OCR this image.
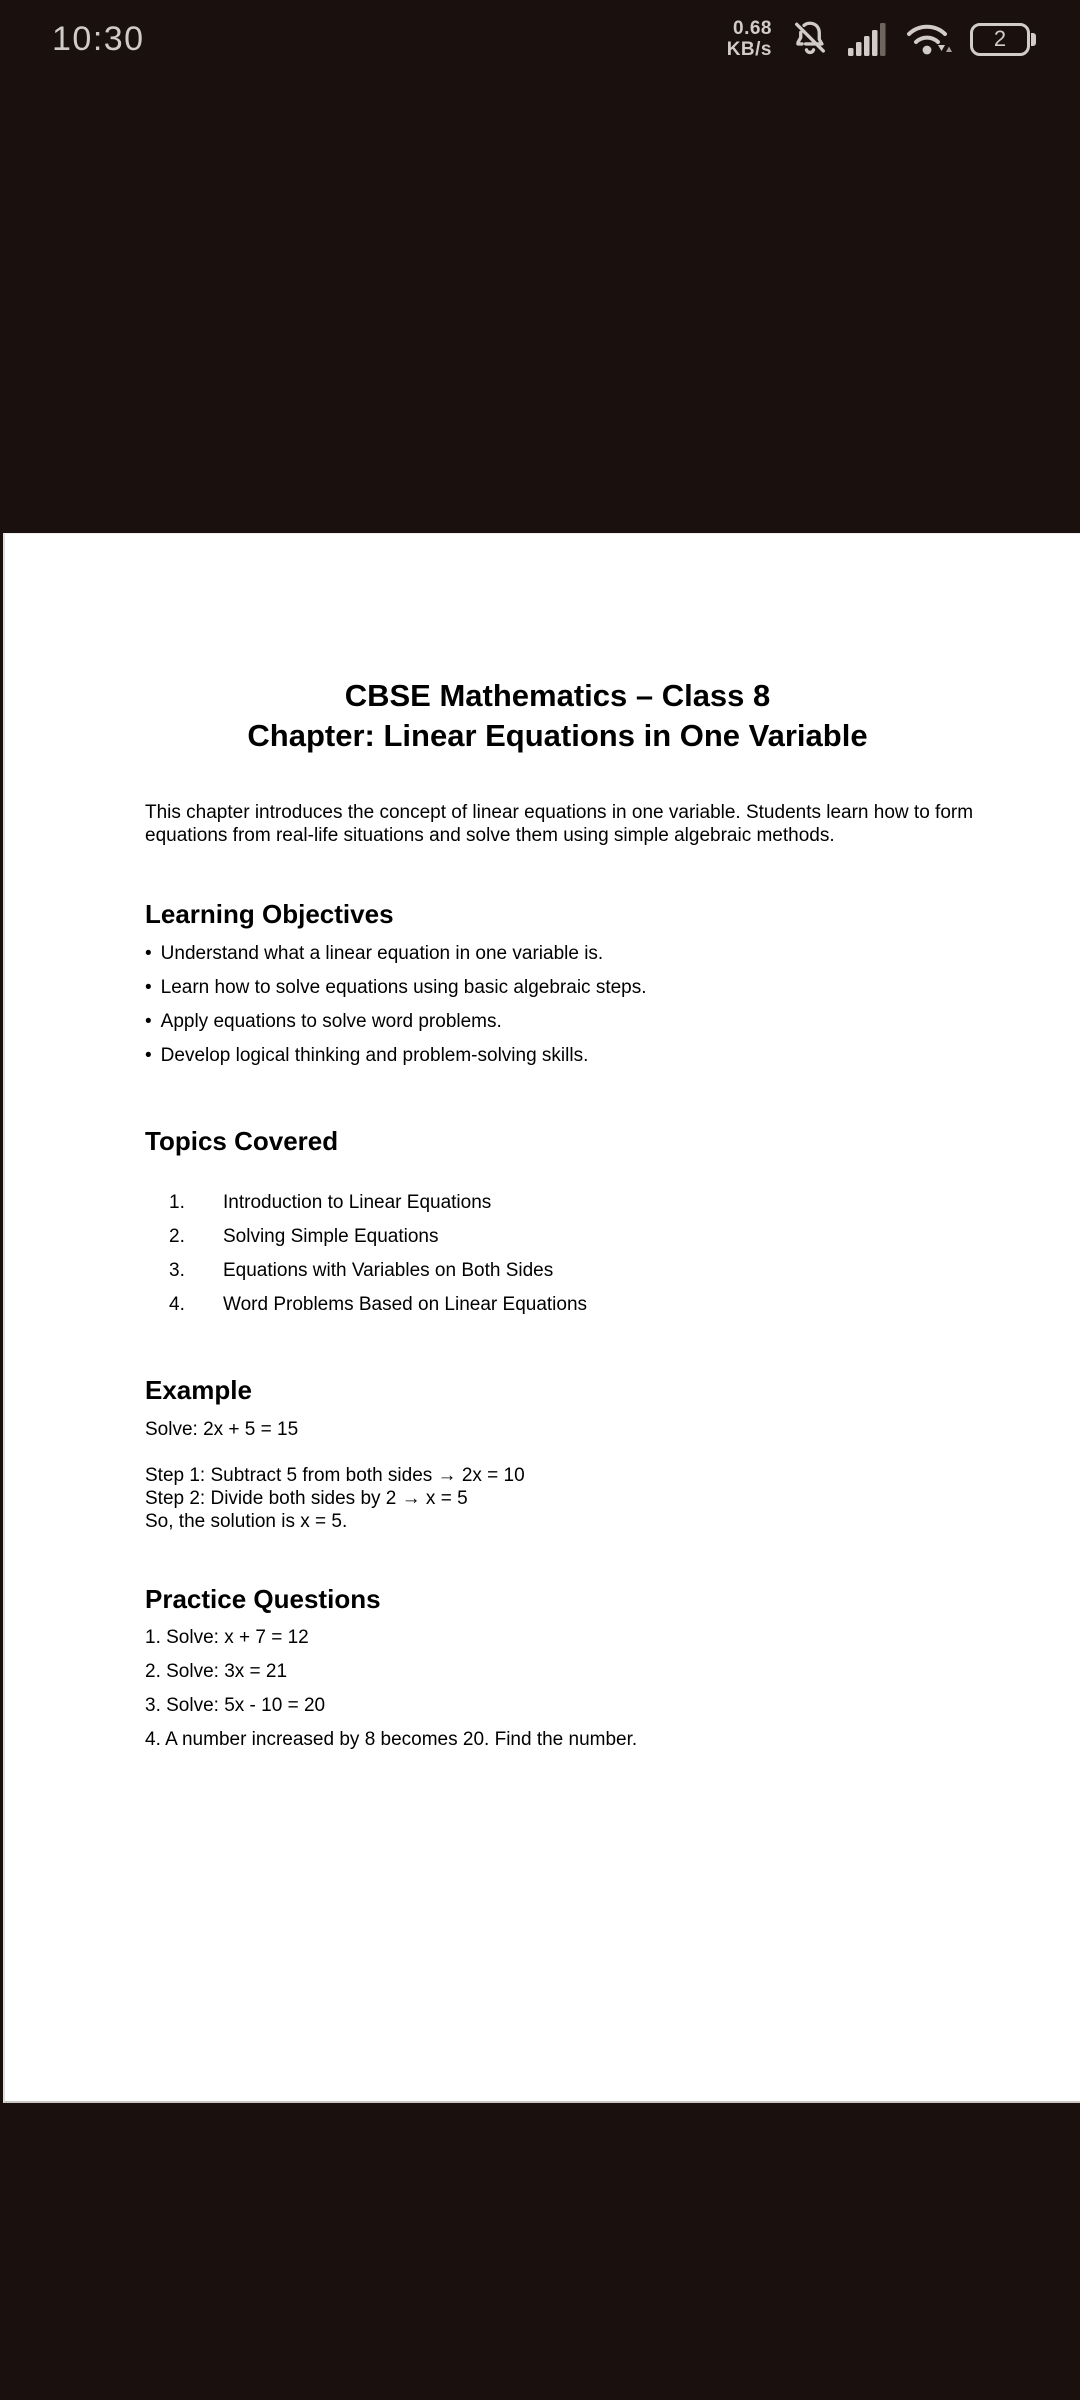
10:30	0.68
KB/s	2
CBSE Mathematics – Class 8
Chapter: Linear Equations in One Variable
This chapter introduces the concept of linear equations in one variable. Students learn how to form
equations from real-life situations and solve them using simple algebraic methods.
Learning Objectives
• Understand what a linear equation in one variable is.
• Learn how to solve equations using basic algebraic steps.
• Apply equations to solve word problems.
• Develop logical thinking and problem-solving skills.
Topics Covered
1.	Introduction to Linear Equations
2.	Solving Simple Equations
3.	Equations with Variables on Both Sides
4.	Word Problems Based on Linear Equations
Example

Solve: 2x + 5 = 15

Step 1: Subtract 5 from both sides → 2x = 10
Step 2: Divide both sides by 2 → x = 5
So, the solution is x = 5.
Practice Questions

1. Solve: x + 7 = 12

2. Solve: 3x = 21

3. Solve: 5x - 10 = 20

4. A number increased by 8 becomes 20. Find the number.
